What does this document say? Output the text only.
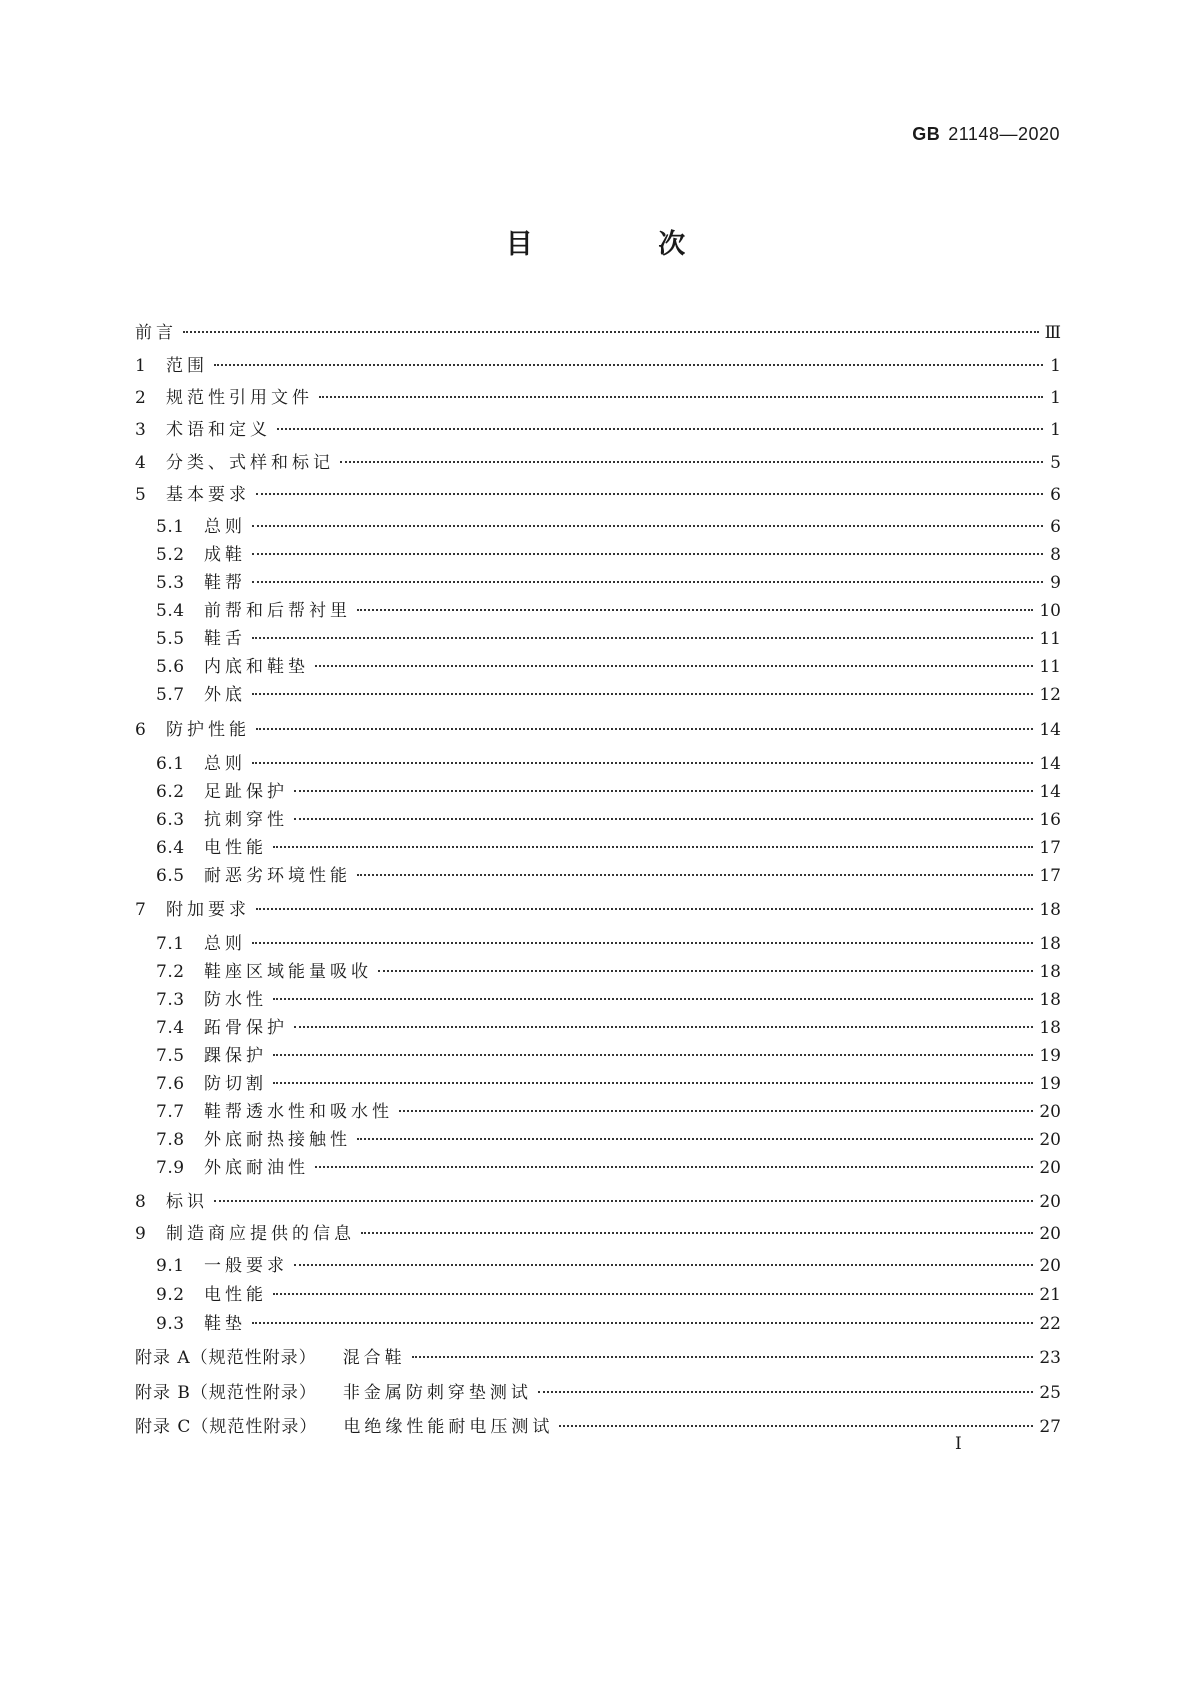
GB 21148—2020
目 次
前言	Ⅲ
1	范围	1
2	规范性引用文件	1
3	术语和定义	1
4	分类、式样和标记	5
5	基本要求	6
5.1	总则	6
5.2	成鞋	8
5.3	鞋帮	9
5.4	前帮和后帮衬里	10
5.5	鞋舌	11
5.6	内底和鞋垫	11
5.7	外底	12
6	防护性能	14
6.1	总则	14
6.2	足趾保护	14
6.3	抗刺穿性	16
6.4	电性能	17
6.5	耐恶劣环境性能	17
7	附加要求	18
7.1	总则	18
7.2	鞋座区域能量吸收	18
7.3	防水性	18
7.4	跖骨保护	18
7.5	踝保护	19
7.6	防切割	19
7.7	鞋帮透水性和吸水性	20
7.8	外底耐热接触性	20
7.9	外底耐油性	20
8	标识	20
9	制造商应提供的信息	20
9.1	一般要求	20
9.2	电性能	21
9.3	鞋垫	22
附录 A（规范性附录） 混合鞋	23
附录 B（规范性附录） 非金属防刺穿垫测试	25
附录 C（规范性附录） 电绝缘性能耐电压测试	27
I
